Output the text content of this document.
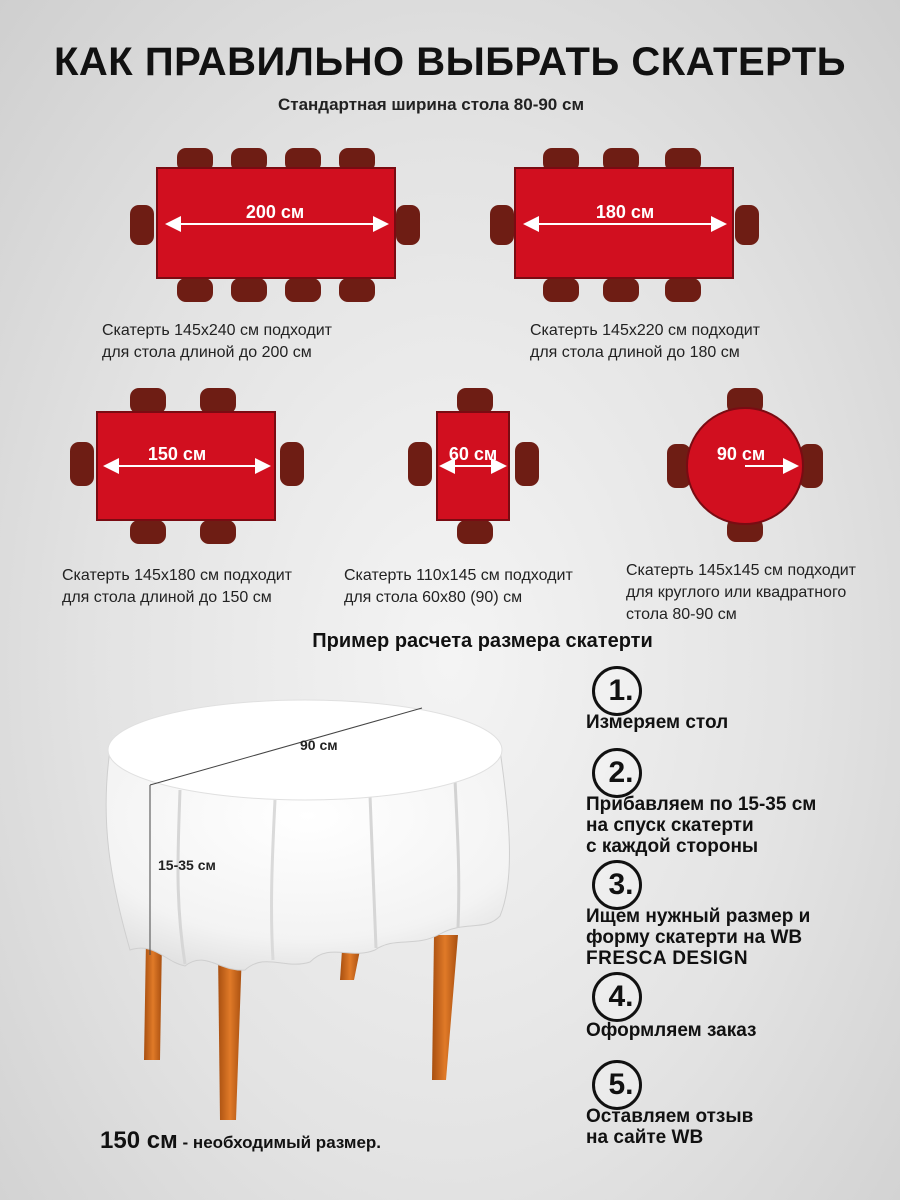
КАК ПРАВИЛЬНО ВЫБРАТЬ СКАТЕРТЬ
Стандартная ширина стола 80-90 см
200 см	180 см
Скатерть 145х240 см подходит
для стола длиной до 200 см
Скатерть 145х220 см подходит
для стола длиной до 180 см
150 см	60 см	90 см
Скатерть 145х180 см подходит
для стола длиной до 150 см
Скатерть 110х145 см подходит
для стола 60х80 (90) см
Скатерть 145х145 см подходит
для круглого или квадратного
стола 80-90 см
Пример расчета размера скатерти
90 см
15-35 см
150 см - необходимый размер.
1.
Измеряем стол
2.
Прибавляем по 15-35 см
на спуск скатерти
с каждой стороны
3.
Ищем нужный размер и
форму скатерти на WB
FRESCA DESIGN
4.
Оформляем заказ
5.
Оставляем отзыв
на сайте WB
